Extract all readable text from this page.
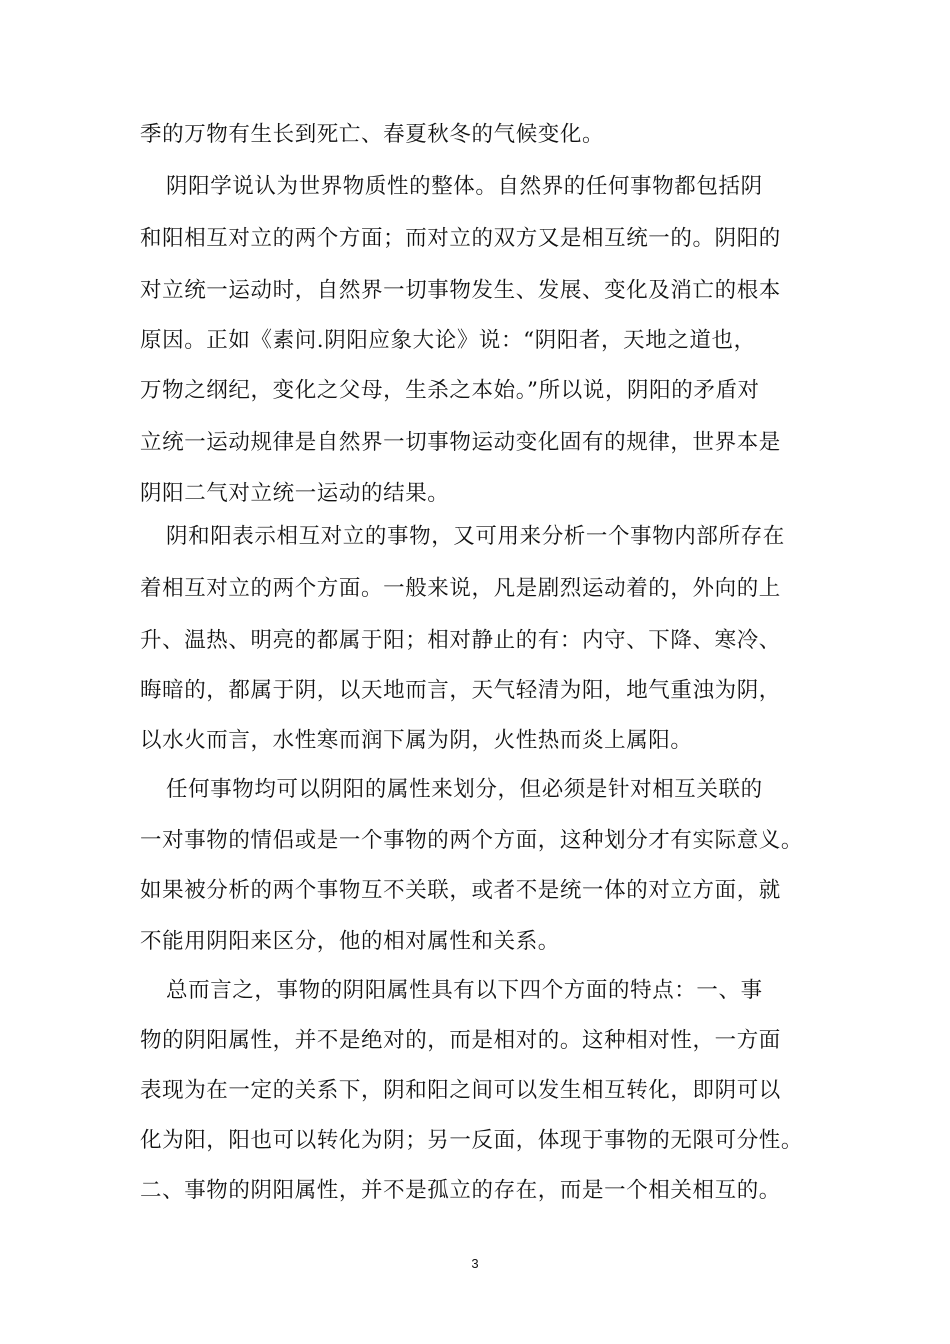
季的万物有生长到死亡、春夏秋冬的气候变化。
阴阳学说认为世界物质性的整体。自然界的任何事物都包括阴
和阳相互对立的两个方面；而对立的双方又是相互统一的。阴阳的
对立统一运动时，自然界一切事物发生、发展、变化及消亡的根本
原因。正如《素问.阴阳应象大论》说：“阴阳者，天地之道也，
万物之纲纪，变化之父母，生杀之本始。”所以说，阴阳的矛盾对
立统一运动规律是自然界一切事物运动变化固有的规律，世界本是
阴阳二气对立统一运动的结果。
阴和阳表示相互对立的事物，又可用来分析一个事物内部所存在
着相互对立的两个方面。一般来说，凡是剧烈运动着的，外向的上
升、温热、明亮的都属于阳；相对静止的有：内守、下降、寒冷、
晦暗的，都属于阴，以天地而言，天气轻清为阳，地气重浊为阴，
以水火而言，水性寒而润下属为阴，火性热而炎上属阳。
任何事物均可以阴阳的属性来划分，但必须是针对相互关联的
一对事物的情侣或是一个事物的两个方面，这种划分才有实际意义。
如果被分析的两个事物互不关联，或者不是统一体的对立方面，就
不能用阴阳来区分，他的相对属性和关系。
总而言之，事物的阴阳属性具有以下四个方面的特点：一、事
物的阴阳属性，并不是绝对的，而是相对的。这种相对性，一方面
表现为在一定的关系下，阴和阳之间可以发生相互转化，即阴可以
化为阳，阳也可以转化为阴；另一反面，体现于事物的无限可分性。
二、事物的阴阳属性，并不是孤立的存在，而是一个相关相互的。
3
